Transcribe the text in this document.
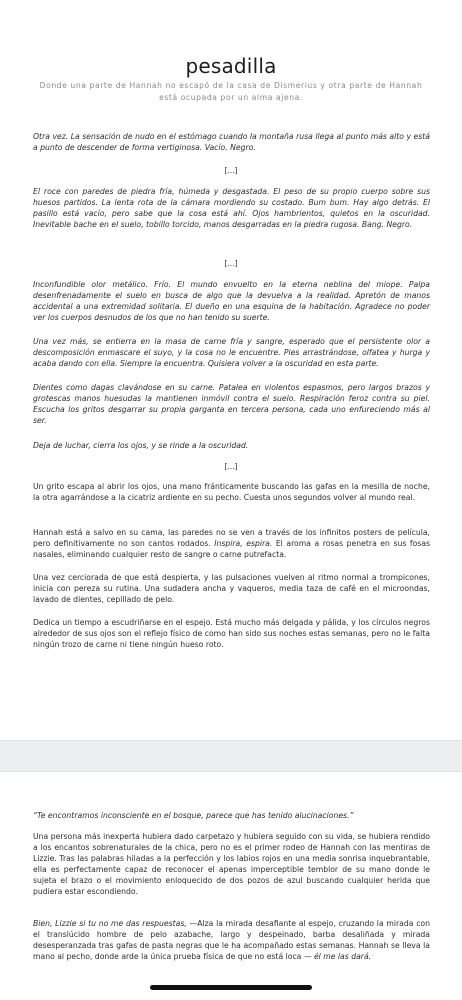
pesadilla
Donde una parte de Hannah no escapó de la casa de Dismerius y otra parte de Hannah está ocupada por un alma ajena.
Otra vez. La sensación de nudo en el estómago cuando la montaña rusa llega al punto más alto y está a punto de descender de forma vertiginosa. Vacío. Negro.
[...]
El roce con paredes de piedra fría, húmeda y desgastada. El peso de su propio cuerpo sobre sus huesos partidos. La lenta rota de la cámara mordiendo su costado. Bum bum. Hay algo detrás. El pasillo está vacío, pero sabe que la cosa está ahí. Ojos hambrientos, quietos en la oscuridad. Inevitable bache en el suelo, tobillo torcido, manos desgarradas en la piedra rugosa. Bang. Negro.
[...]
Inconfundible olor metálico. Frío. El mundo envuelto en la eterna neblina del miope. Palpa desenfrenadamente el suelo en busca de algo que la devuelva a la realidad. Apretón de manos accidental a una extremidad solitaria. El dueño en una esquina de la habitación. Agradece no poder ver los cuerpos desnudos de los que no han tenido su suerte.
Una vez más, se entierra en la masa de carne fría y sangre, esperado que el persistente olor a descomposición enmascare el suyo, y la cosa no le encuentre. Pies arrastrándose, olfatea y hurga y acaba dando con ella. Siempre la encuentra. Quisiera volver a la oscuridad en esta parte.
Dientes como dagas clavándose en su carne. Patalea en violentos espasmos, pero largos brazos y grotescas manos huesudas la mantienen inmóvil contra el suelo. Respiración feroz contra su piel. Escucha los gritos desgarrar su propia garganta en tercera persona, cada uno enfureciendo más al ser.
Deja de luchar, cierra los ojos, y se rinde a la oscuridad.
[...]
Un grito escapa al abrir los ojos, una mano fránticamente buscando las gafas en la mesilla de noche, la otra agarrándose a la cicatriz ardiente en su pecho. Cuesta unos segundos volver al mundo real.
Hannah está a salvo en su cama, las paredes no se ven a través de los infinitos posters de película, pero definitivamente no son cantos rodados. Inspira, espira. El aroma a rosas penetra en sus fosas nasales, eliminando cualquier resto de sangre o carne putrefacta.
Una vez cerciorada de que está despierta, y las pulsaciones vuelven al ritmo normal a trompicones, inicia con pereza su rutina. Una sudadera ancha y vaqueros, media taza de café en el microondas, lavado de dientes, cepillado de pelo.
Dedica un tiempo a escudriñarse en el espejo. Está mucho más delgada y pálida, y los círculos negros alrededor de sus ojos son el reflejo físico de como han sido sus noches estas semanas, pero no le falta ningún trozo de carne ni tiene ningún hueso roto.
“Te encontramos inconsciente en el bosque, parece que has tenido alucinaciones.”
Una persona más inexperta hubiera dado carpetazo y hubiera seguido con su vida, se hubiera rendido a los encantos sobrenaturales de la chica, pero no es el primer rodeo de Hannah con las mentiras de Lizzie. Tras las palabras hiladas a la perfección y los labios rojos en una media sonrisa inquebrantable, ella es perfectamente capaz de reconocer el apenas imperceptible temblor de su mano donde le sujeta el brazo o el movimiento enloquecido de dos pozos de azul buscando cualquier herida que pudiera estar escondiendo.
Bien, Lizzie si tu no me das respuestas, —Alza la mirada desafiante al espejo, cruzando la mirada con el translúcido hombre de pelo azabache, largo y despeinado, barba desaliñada y mirada desesperanzada tras gafas de pasta negras que le ha acompañado estas semanas. Hannah se lleva la mano al pecho, donde arde la única prueba física de que no está loca — él me las dará.
